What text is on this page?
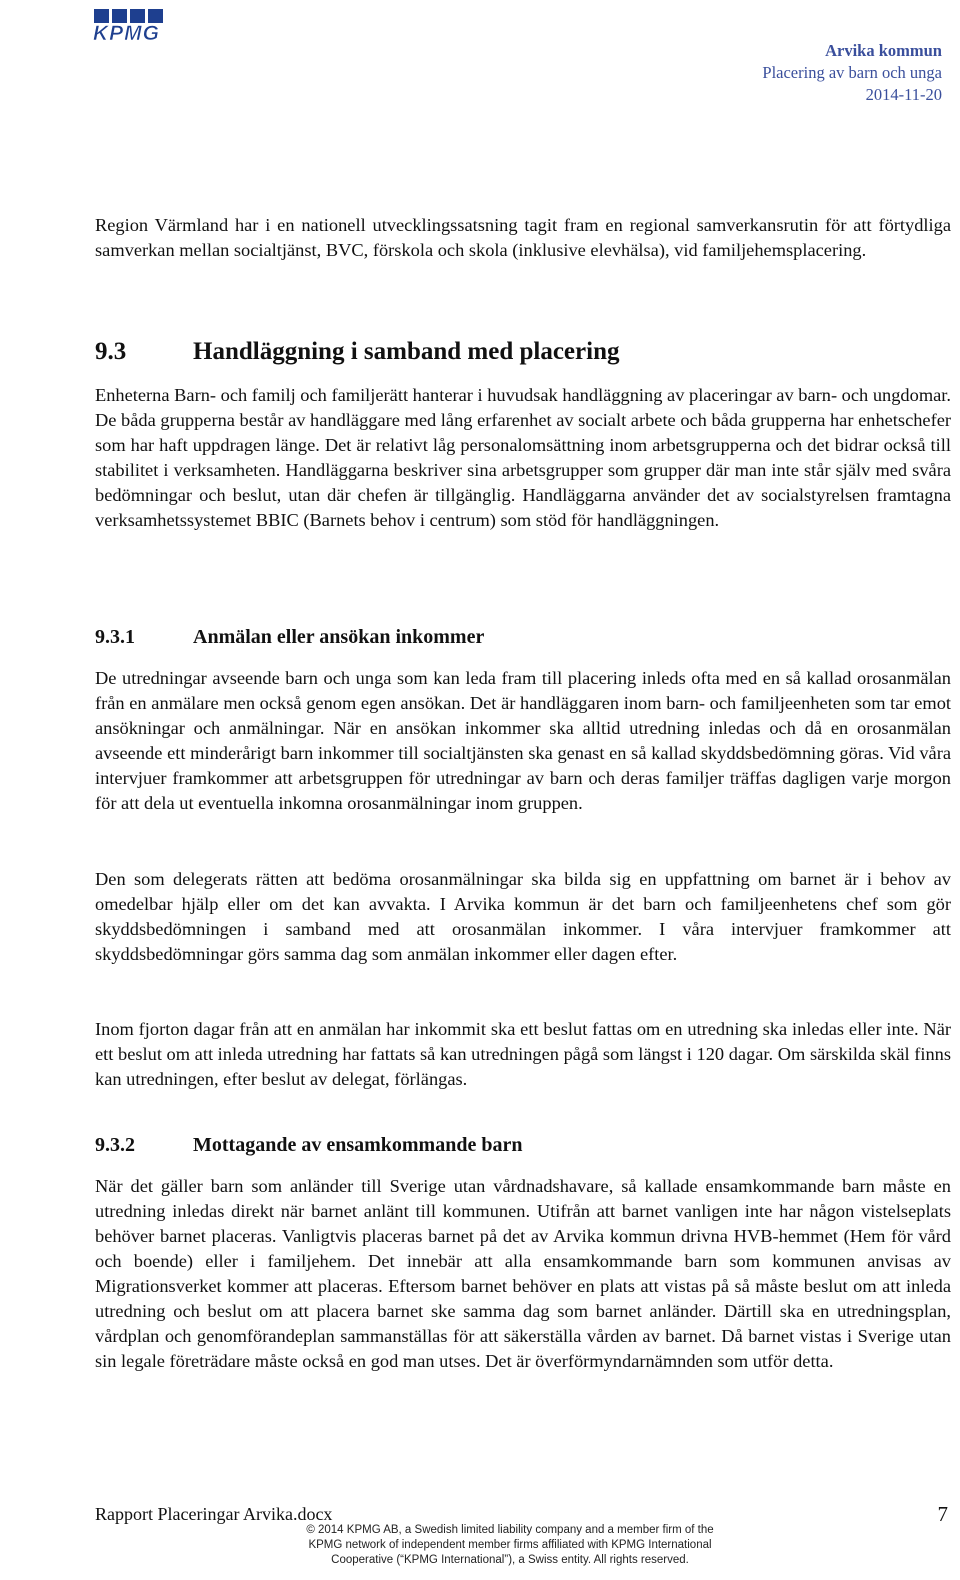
KPMG
Arvika kommun
Placering av barn och unga
2014-11-20

Region Värmland har i en nationell utvecklingssatsning tagit fram en regional samverkansrutin för att förtydliga samverkan mellan socialtjänst, BVC, förskola och skola (inklusive elevhälsa), vid familjehemsplacering.

9.3	Handläggning i samband med placering

Enheterna Barn- och familj och familjerätt hanterar i huvudsak handläggning av placeringar av barn- och ungdomar. De båda grupperna består av handläggare med lång erfarenhet av socialt arbete och båda grupperna har enhetschefer som har haft uppdragen länge. Det är relativt låg personalomsättning inom arbetsgrupperna och det bidrar också till stabilitet i verksamheten. Handläggarna beskriver sina arbetsgrupper som grupper där man inte står själv med svåra bedömningar och beslut, utan där chefen är tillgänglig. Handläggarna använder det av socialstyrelsen framtagna verksamhetssystemet BBIC (Barnets behov i centrum) som stöd för handläggningen.

9.3.1	Anmälan eller ansökan inkommer

De utredningar avseende barn och unga som kan leda fram till placering inleds ofta med en så kallad orosanmälan från en anmälare men också genom egen ansökan. Det är handläggaren inom barn- och familjeenheten som tar emot ansökningar och anmälningar. När en ansökan inkommer ska alltid utredning inledas och då en orosanmälan avseende ett minderårigt barn inkommer till socialtjänsten ska genast en så kallad skyddsbedömning göras. Vid våra intervjuer framkommer att arbetsgruppen för utredningar av barn och deras familjer träffas dagligen varje morgon för att dela ut eventuella inkomna orosanmälningar inom gruppen.

Den som delegerats rätten att bedöma orosanmälningar ska bilda sig en uppfattning om barnet är i behov av omedelbar hjälp eller om det kan avvakta. I Arvika kommun är det barn och familjeenhetens chef som gör skyddsbedömningen i samband med att orosanmälan inkommer. I våra intervjuer framkommer att skyddsbedömningar görs samma dag som anmälan inkommer eller dagen efter.

Inom fjorton dagar från att en anmälan har inkommit ska ett beslut fattas om en utredning ska inledas eller inte. När ett beslut om att inleda utredning har fattats så kan utredningen pågå som längst i 120 dagar. Om särskilda skäl finns kan utredningen, efter beslut av delegat, förlängas.

9.3.2	Mottagande av ensamkommande barn

När det gäller barn som anländer till Sverige utan vårdnadshavare, så kallade ensamkommande barn måste en utredning inledas direkt när barnet anlänt till kommunen. Utifrån att barnet vanligen inte har någon vistelseplats behöver barnet placeras. Vanligtvis placeras barnet på det av Arvika kommun drivna HVB-hemmet (Hem för vård och boende) eller i familjehem. Det innebär att alla ensamkommande barn som kommunen anvisas av Migrationsverket kommer att placeras. Eftersom barnet behöver en plats att vistas på så måste beslut om att inleda utredning och beslut om att placera barnet ske samma dag som barnet anländer. Därtill ska en utredningsplan, vårdplan och genomförandeplan sammanställas för att säkerställa vården av barnet. Då barnet vistas i Sverige utan sin legale företrädare måste också en god man utses. Det är överförmyndarnämnden som utför detta.

Rapport Placeringar Arvika.docx	7
© 2014 KPMG AB, a Swedish limited liability company and a member firm of the
KPMG network of independent member firms affiliated with KPMG International
Cooperative (“KPMG International”), a Swiss entity. All rights reserved.
